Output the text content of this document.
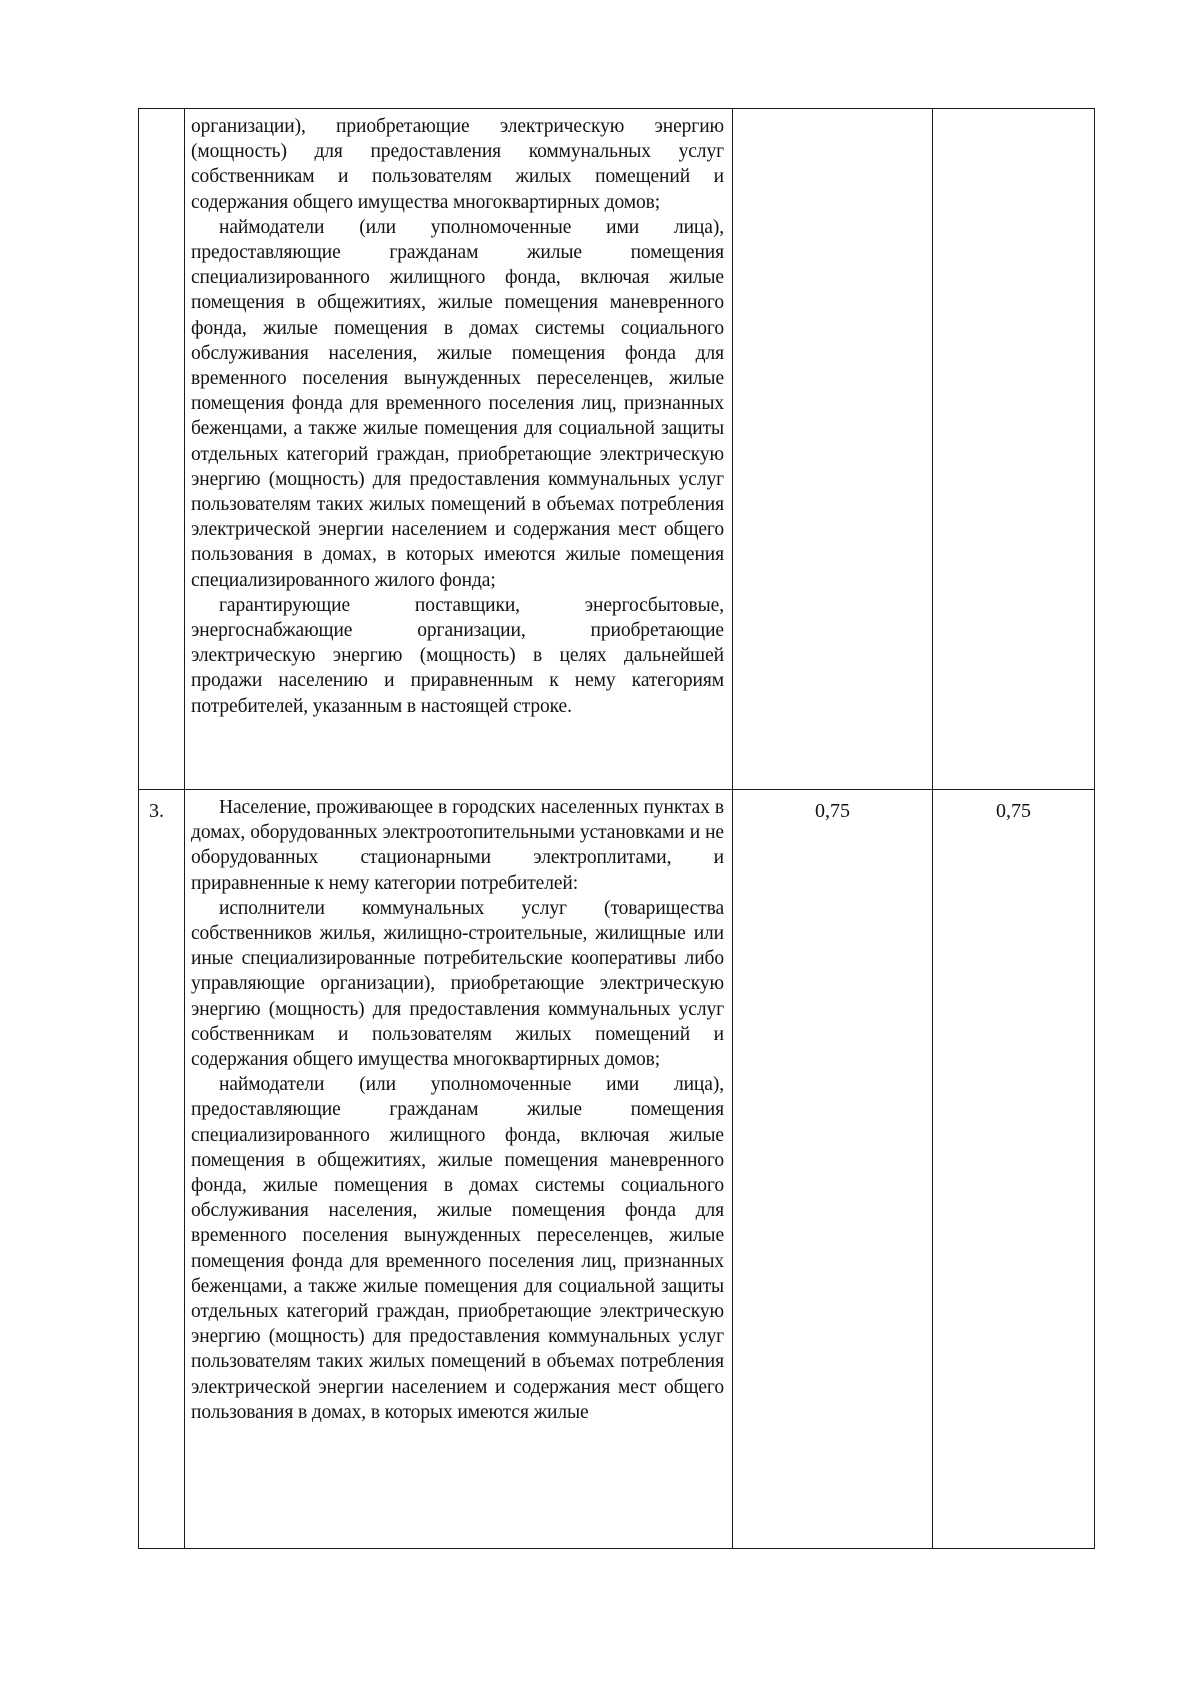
	организации), приобретающие электрическую энергию (мощность) для предоставления коммунальных услуг собственникам и пользователям жилых помещений и содержания общего имущества многоквартирных домов;

наймодатели (или уполномоченные ими лица), предоставляющие гражданам жилые помещения специализированного жилищного фонда, включая жилые помещения в общежитиях, жилые помещения маневренного фонда, жилые помещения в домах системы социального обслуживания населения, жилые помещения фонда для временного поселения вынужденных переселенцев, жилые помещения фонда для временного поселения лиц, признанных беженцами, а также жилые помещения для социальной защиты отдельных категорий граждан, приобретающие электрическую энергию (мощность) для предоставления коммунальных услуг пользователям таких жилых помещений в объемах потребления электрической энергии населением и содержания мест общего пользования в домах, в которых имеются жилые помещения специализированного жилого фонда;

гарантирующие поставщики, энергосбытовые, энергоснабжающие организации, приобретающие электрическую энергию (мощность) в целях дальнейшей продажи населению и приравненным к нему категориям потребителей, указанным в настоящей строке.		

3.	Население, проживающее в городских населенных пунктах в домах, оборудованных электроотопительными установками и не оборудованных стационарными электроплитами, и приравненные к нему категории потребителей:

исполнители коммунальных услуг (товарищества собственников жилья, жилищно-строительные, жилищные или иные специализированные потребительские кооперативы либо управляющие организации), приобретающие электрическую энергию (мощность) для предоставления коммунальных услуг собственникам и пользователям жилых помещений и содержания общего имущества многоквартирных домов;

наймодатели (или уполномоченные ими лица), предоставляющие гражданам жилые помещения специализированного жилищного фонда, включая жилые помещения в общежитиях, жилые помещения маневренного фонда, жилые помещения в домах системы социального обслуживания населения, жилые помещения фонда для временного поселения вынужденных переселенцев, жилые помещения фонда для временного поселения лиц, признанных беженцами, а также жилые помещения для социальной защиты отдельных категорий граждан, приобретающие электрическую энергию (мощность) для предоставления коммунальных услуг пользователям таких жилых помещений в объемах потребления электрической энергии населением и содержания мест общего пользования в домах, в которых имеются жилые	0,75	0,75
